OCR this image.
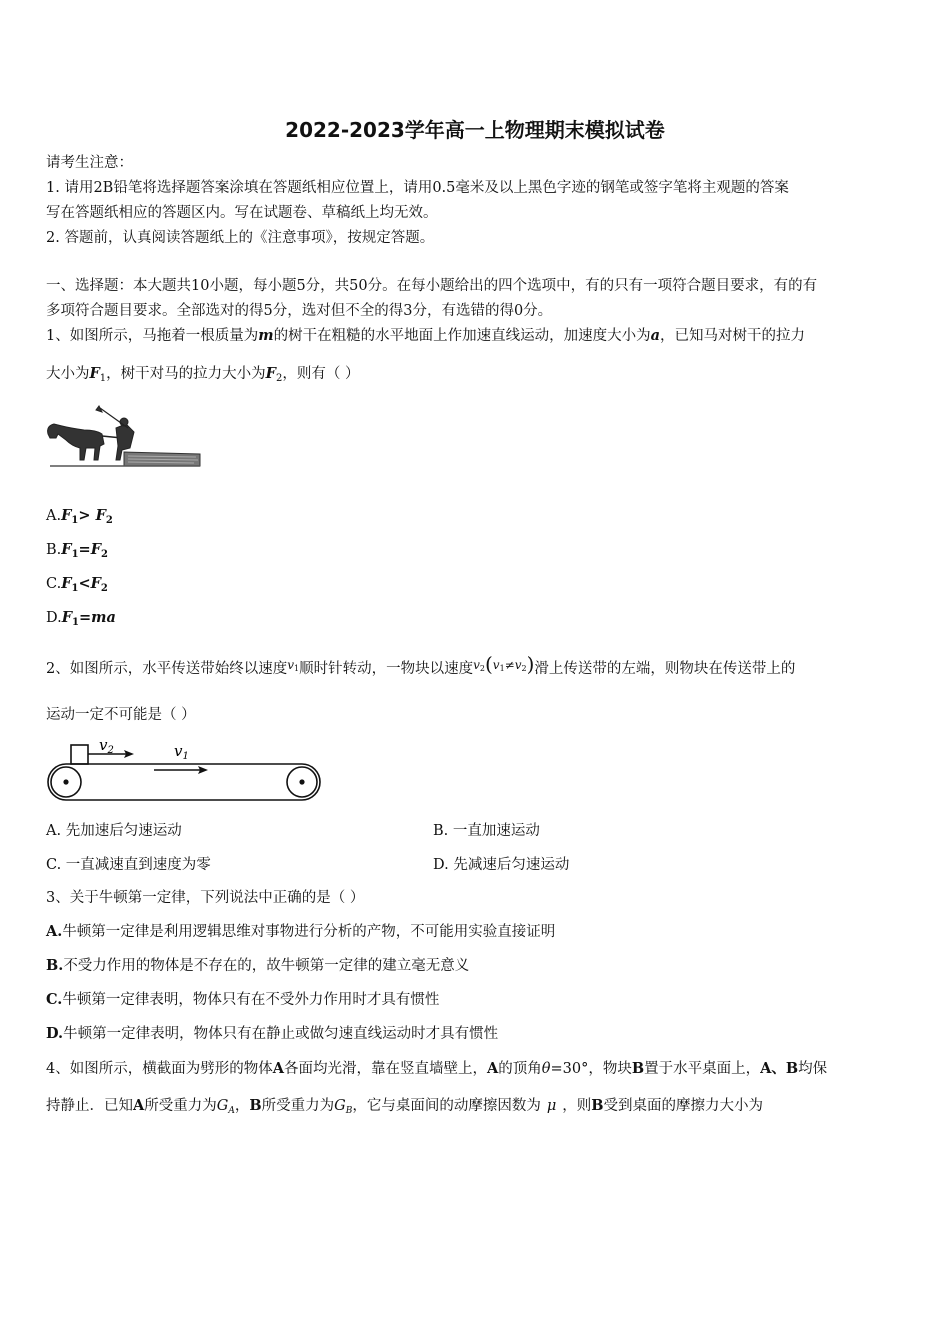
2022-2023学年高一上物理期末模拟试卷
请考生注意：
1. 请用2B铅笔将选择题答案涂填在答题纸相应位置上，请用0.5毫米及以上黑色字迹的钢笔或签字笔将主观题的答案
写在答题纸相应的答题区内。写在试题卷、草稿纸上均无效。
2. 答题前，认真阅读答题纸上的《注意事项》，按规定答题。
一、选择题：本大题共10小题，每小题5分，共50分。在每小题给出的四个选项中，有的只有一项符合题目要求，有的有
多项符合题目要求。全部选对的得5分，选对但不全的得3分，有选错的得0分。
1、如图所示，马拖着一根质量为m的树干在粗糙的水平地面上作加速直线运动，加速度大小为a，已知马对树干的拉力
大小为$F_1$，树干对马的拉力大小为$F_2$，则有（ ）
$A.F_1> F_2$
$B.F_1=F_2$
$C.F_1<F_2$
$D.F_1=ma$
2、如图所示，水平传送带始终以速度$^v_1$顺时针转动，一物块以速度$^v_2$($^v_1^{\ne v}_2$)滑上传送带的左端，则物块在传送带上的
运动一定不可能是（ ）
$v_2$	$v_1$
A. 先加速后匀速运动	B. 一直加速运动
C. 一直减速直到速度为零	D. 先减速后匀速运动
3、关于牛顿第一定律，下列说法中正确的是（ ）
A.牛顿第一定律是利用逻辑思维对事物进行分析的产物，不可能用实验直接证明
B.不受力作用的物体是不存在的，故牛顿第一定律的建立毫无意义
C.牛顿第一定律表明，物体只有在不受外力作用时才具有惯性
D.牛顿第一定律表明，物体只有在静止或做匀速直线运动时才具有惯性
4、如图所示，横截面为劈形的物体A各面均光滑，靠在竖直墙壁上，A的顶角θ=30°，物块B置于水平桌面上，A、B均保
持静止．已知A所受重力为$G_A$，B所受重力为$G_B$，它与桌面间的动摩擦因数为 μ ，则B受到桌面的摩擦力大小为
